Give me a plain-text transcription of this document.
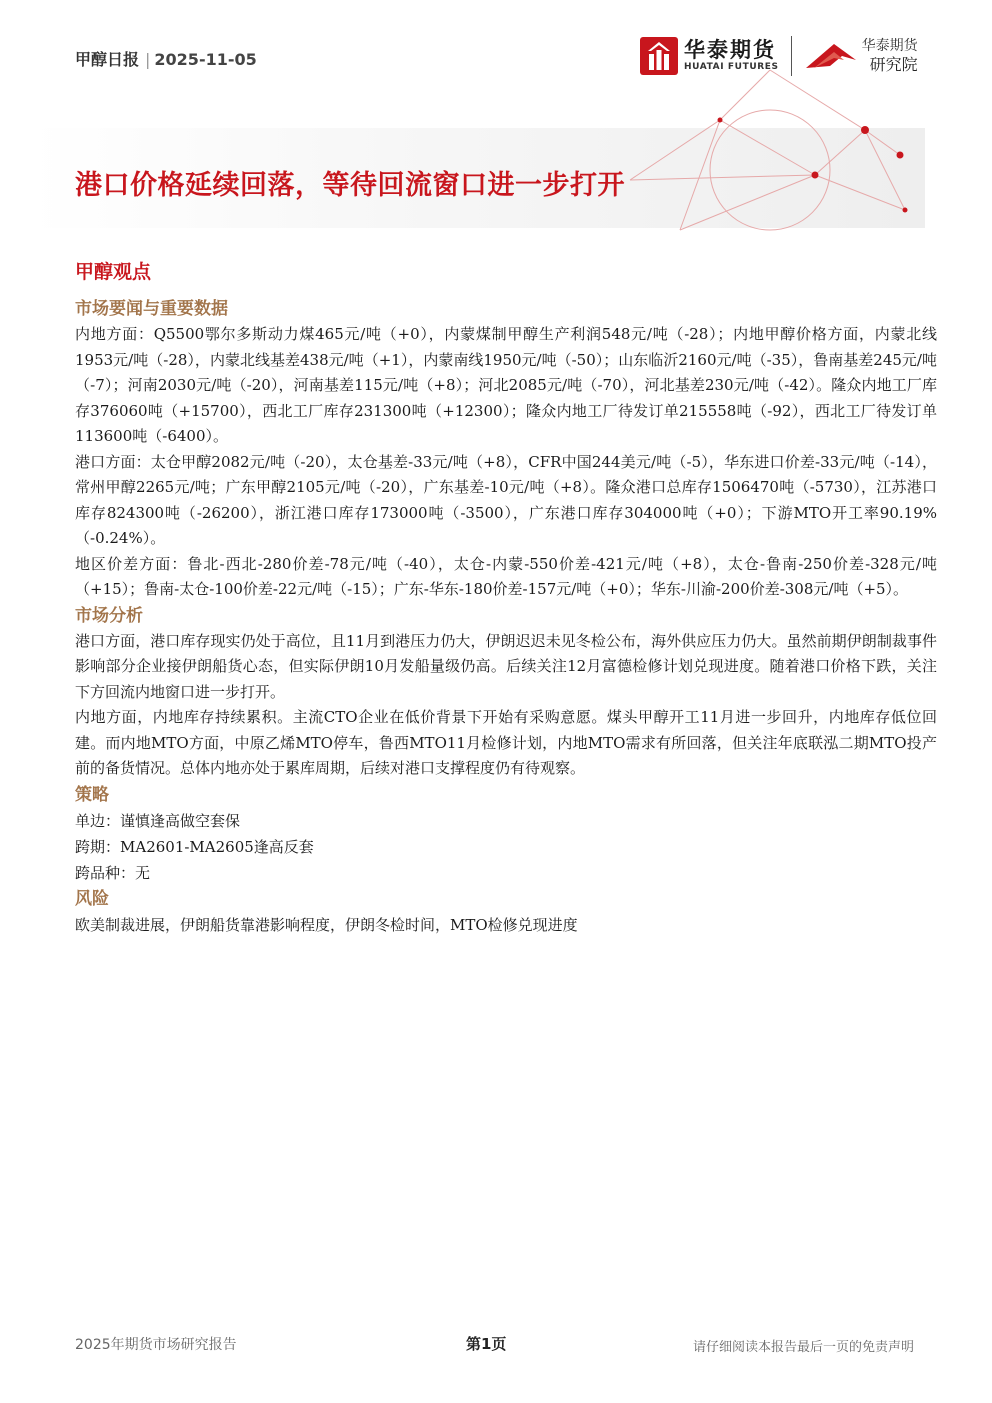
甲醇日报 | 2025-11-05	华泰期货
HUATAI FUTURES
华泰期货
研究院
港口价格延续回落，等待回流窗口进一步打开
甲醇观点
市场要闻与重要数据

内地方面：Q5500鄂尔多斯动力煤465元/吨（+0），内蒙煤制甲醇生产利润548元/吨（-28）；内地甲醇价格方面，内蒙北线1953元/吨（-28），内蒙北线基差438元/吨（+1），内蒙南线1950元/吨（-50）；山东临沂2160元/吨（-35），鲁南基差245元/吨（-7）；河南2030元/吨（-20），河南基差115元/吨（+8）；河北2085元/吨（-70），河北基差230元/吨（-42）。隆众内地工厂库存376060吨（+15700），西北工厂库存231300吨（+12300）；隆众内地工厂待发订单215558吨（-92），西北工厂待发订单113600吨（-6400）。

港口方面：太仓甲醇2082元/吨（-20），太仓基差-33元/吨（+8），CFR中国244美元/吨（-5），华东进口价差-33元/吨（-14），常州甲醇2265元/吨；广东甲醇2105元/吨（-20），广东基差-10元/吨（+8）。隆众港口总库存1506470吨（-5730），江苏港口库存824300吨（-26200），浙江港口库存173000吨（-3500），广东港口库存304000吨（+0）；下游MTO开工率90.19%（-0.24%）。

地区价差方面：鲁北-西北-280价差-78元/吨（-40），太仓-内蒙-550价差-421元/吨（+8），太仓-鲁南-250价差-328元/吨（+15）；鲁南-太仓-100价差-22元/吨（-15）；广东-华东-180价差-157元/吨（+0）；华东-川渝-200价差-308元/吨（+5）。

市场分析

港口方面，港口库存现实仍处于高位，且11月到港压力仍大，伊朗迟迟未见冬检公布，海外供应压力仍大。虽然前期伊朗制裁事件影响部分企业接伊朗船货心态，但实际伊朗10月发船量级仍高。后续关注12月富德检修计划兑现进度。随着港口价格下跌，关注下方回流内地窗口进一步打开。

内地方面，内地库存持续累积。主流CTO企业在低价背景下开始有采购意愿。煤头甲醇开工11月进一步回升，内地库存低位回建。而内地MTO方面，中原乙烯MTO停车，鲁西MTO11月检修计划，内地MTO需求有所回落，但关注年底联泓二期MTO投产前的备货情况。总体内地亦处于累库周期，后续对港口支撑程度仍有待观察。

策略

单边：谨慎逢高做空套保

跨期：MA2601-MA2605逢高反套

跨品种：无

风险

欧美制裁进展，伊朗船货靠港影响程度，伊朗冬检时间，MTO检修兑现进度

2025年期货市场研究报告	第1页	请仔细阅读本报告最后一页的免责声明
